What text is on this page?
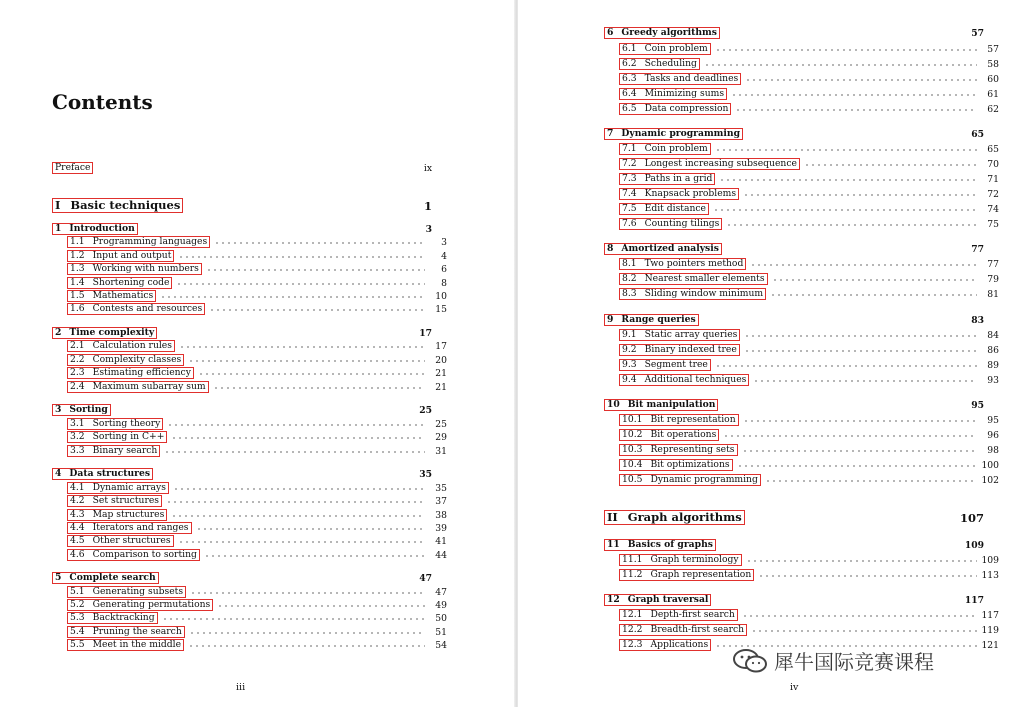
Contents
iii
Preface	ix
I Basic techniques	1
1 Introduction	3
1.1 Programming languages	3
1.2 Input and output	4
1.3 Working with numbers	6
1.4 Shortening code	8
1.5 Mathematics	10
1.6 Contests and resources	15
2 Time complexity	17
2.1 Calculation rules	17
2.2 Complexity classes	20
2.3 Estimating efficiency	21
2.4 Maximum subarray sum	21
3 Sorting	25
3.1 Sorting theory	25
3.2 Sorting in C++	29
3.3 Binary search	31
4 Data structures	35
4.1 Dynamic arrays	35
4.2 Set structures	37
4.3 Map structures	38
4.4 Iterators and ranges	39
4.5 Other structures	41
4.6 Comparison to sorting	44
5 Complete search	47
5.1 Generating subsets	47
5.2 Generating permutations	49
5.3 Backtracking	50
5.4 Pruning the search	51
5.5 Meet in the middle	54
iv
6 Greedy algorithms	57
6.1 Coin problem	57
6.2 Scheduling	58
6.3 Tasks and deadlines	60
6.4 Minimizing sums	61
6.5 Data compression	62
7 Dynamic programming	65
7.1 Coin problem	65
7.2 Longest increasing subsequence	70
7.3 Paths in a grid	71
7.4 Knapsack problems	72
7.5 Edit distance	74
7.6 Counting tilings	75
8 Amortized analysis	77
8.1 Two pointers method	77
8.2 Nearest smaller elements	79
8.3 Sliding window minimum	81
9 Range queries	83
9.1 Static array queries	84
9.2 Binary indexed tree	86
9.3 Segment tree	89
9.4 Additional techniques	93
10 Bit manipulation	95
10.1 Bit representation	95
10.2 Bit operations	96
10.3 Representing sets	98
10.4 Bit optimizations	100
10.5 Dynamic programming	102
II Graph algorithms	107
11 Basics of graphs	109
11.1 Graph terminology	109
11.2 Graph representation	113
12 Graph traversal	117
12.1 Depth-first search	117
12.2 Breadth-first search	119
12.3 Applications	121
犀牛国际竞赛课程
